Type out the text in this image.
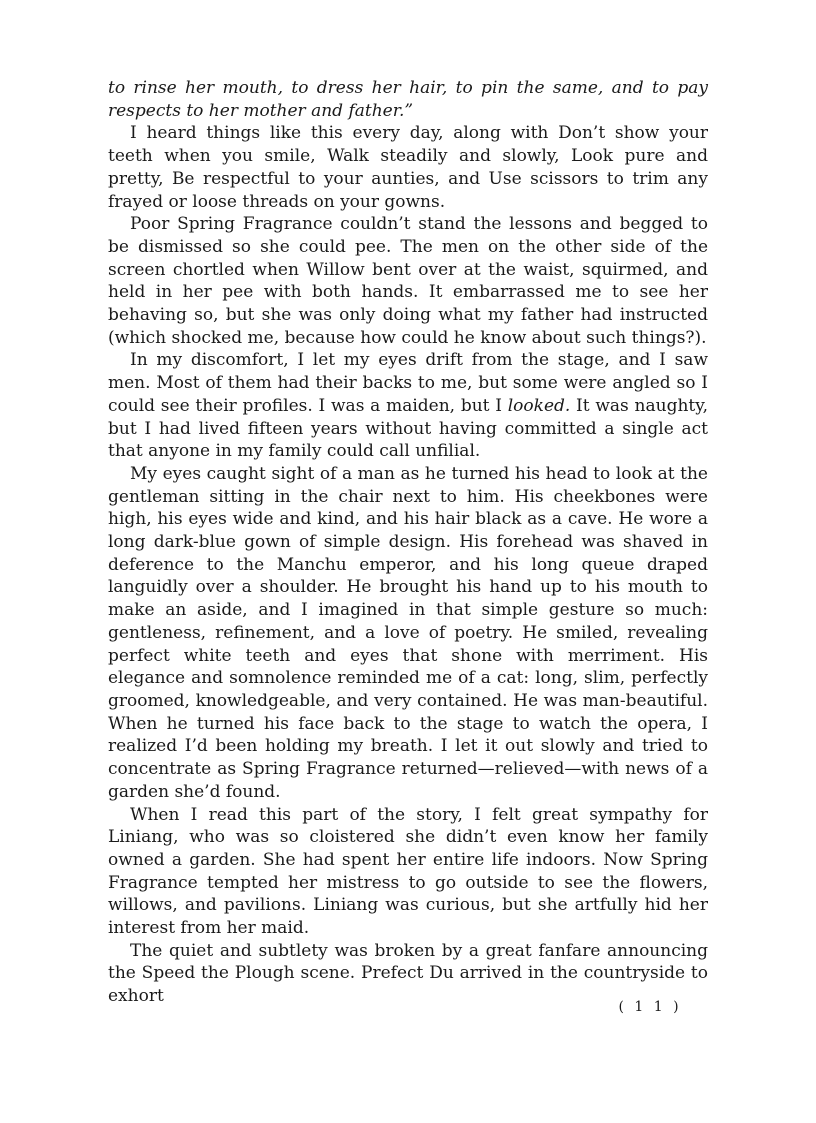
to rinse her mouth, to dress her hair, to pin the same, and to pay respects to her mother and father.”

I heard things like this every day, along with Don’t show your teeth when you smile, Walk steadily and slowly, Look pure and pretty, Be respectful to your aunties, and Use scissors to trim any frayed or loose threads on your gowns.

Poor Spring Fragrance couldn’t stand the lessons and begged to be dismissed so she could pee. The men on the other side of the screen chortled when Willow bent over at the waist, squirmed, and held in her pee with both hands. It embarrassed me to see her behaving so, but she was only doing what my father had instructed (which shocked me, because how could he know about such things?).

In my discomfort, I let my eyes drift from the stage, and I saw men. Most of them had their backs to me, but some were angled so I could see their profiles. I was a maiden, but I looked. It was naughty, but I had lived fifteen years without having committed a single act that anyone in my family could call unfilial.

My eyes caught sight of a man as he turned his head to look at the gentleman sitting in the chair next to him. His cheekbones were high, his eyes wide and kind, and his hair black as a cave. He wore a long dark-blue gown of simple design. His forehead was shaved in deference to the Manchu emperor, and his long queue draped languidly over a shoulder. He brought his hand up to his mouth to make an aside, and I imagined in that simple gesture so much: gentleness, refinement, and a love of poetry. He smiled, revealing perfect white teeth and eyes that shone with merriment. His elegance and somnolence reminded me of a cat: long, slim, perfectly groomed, knowledgeable, and very contained. He was man-beautiful. When he turned his face back to the stage to watch the opera, I realized I’d been holding my breath. I let it out slowly and tried to concentrate as Spring Fragrance returned—relieved—with news of a garden she’d found.

When I read this part of the story, I felt great sympathy for Liniang, who was so cloistered she didn’t even know her family owned a garden. She had spent her entire life indoors. Now Spring Fragrance tempted her mistress to go outside to see the flowers, willows, and pavilions. Liniang was curious, but she artfully hid her interest from her maid.

The quiet and subtlety was broken by a great fanfare announcing the Speed the Plough scene. Prefect Du arrived in the countryside to exhort

( 1 1 )
